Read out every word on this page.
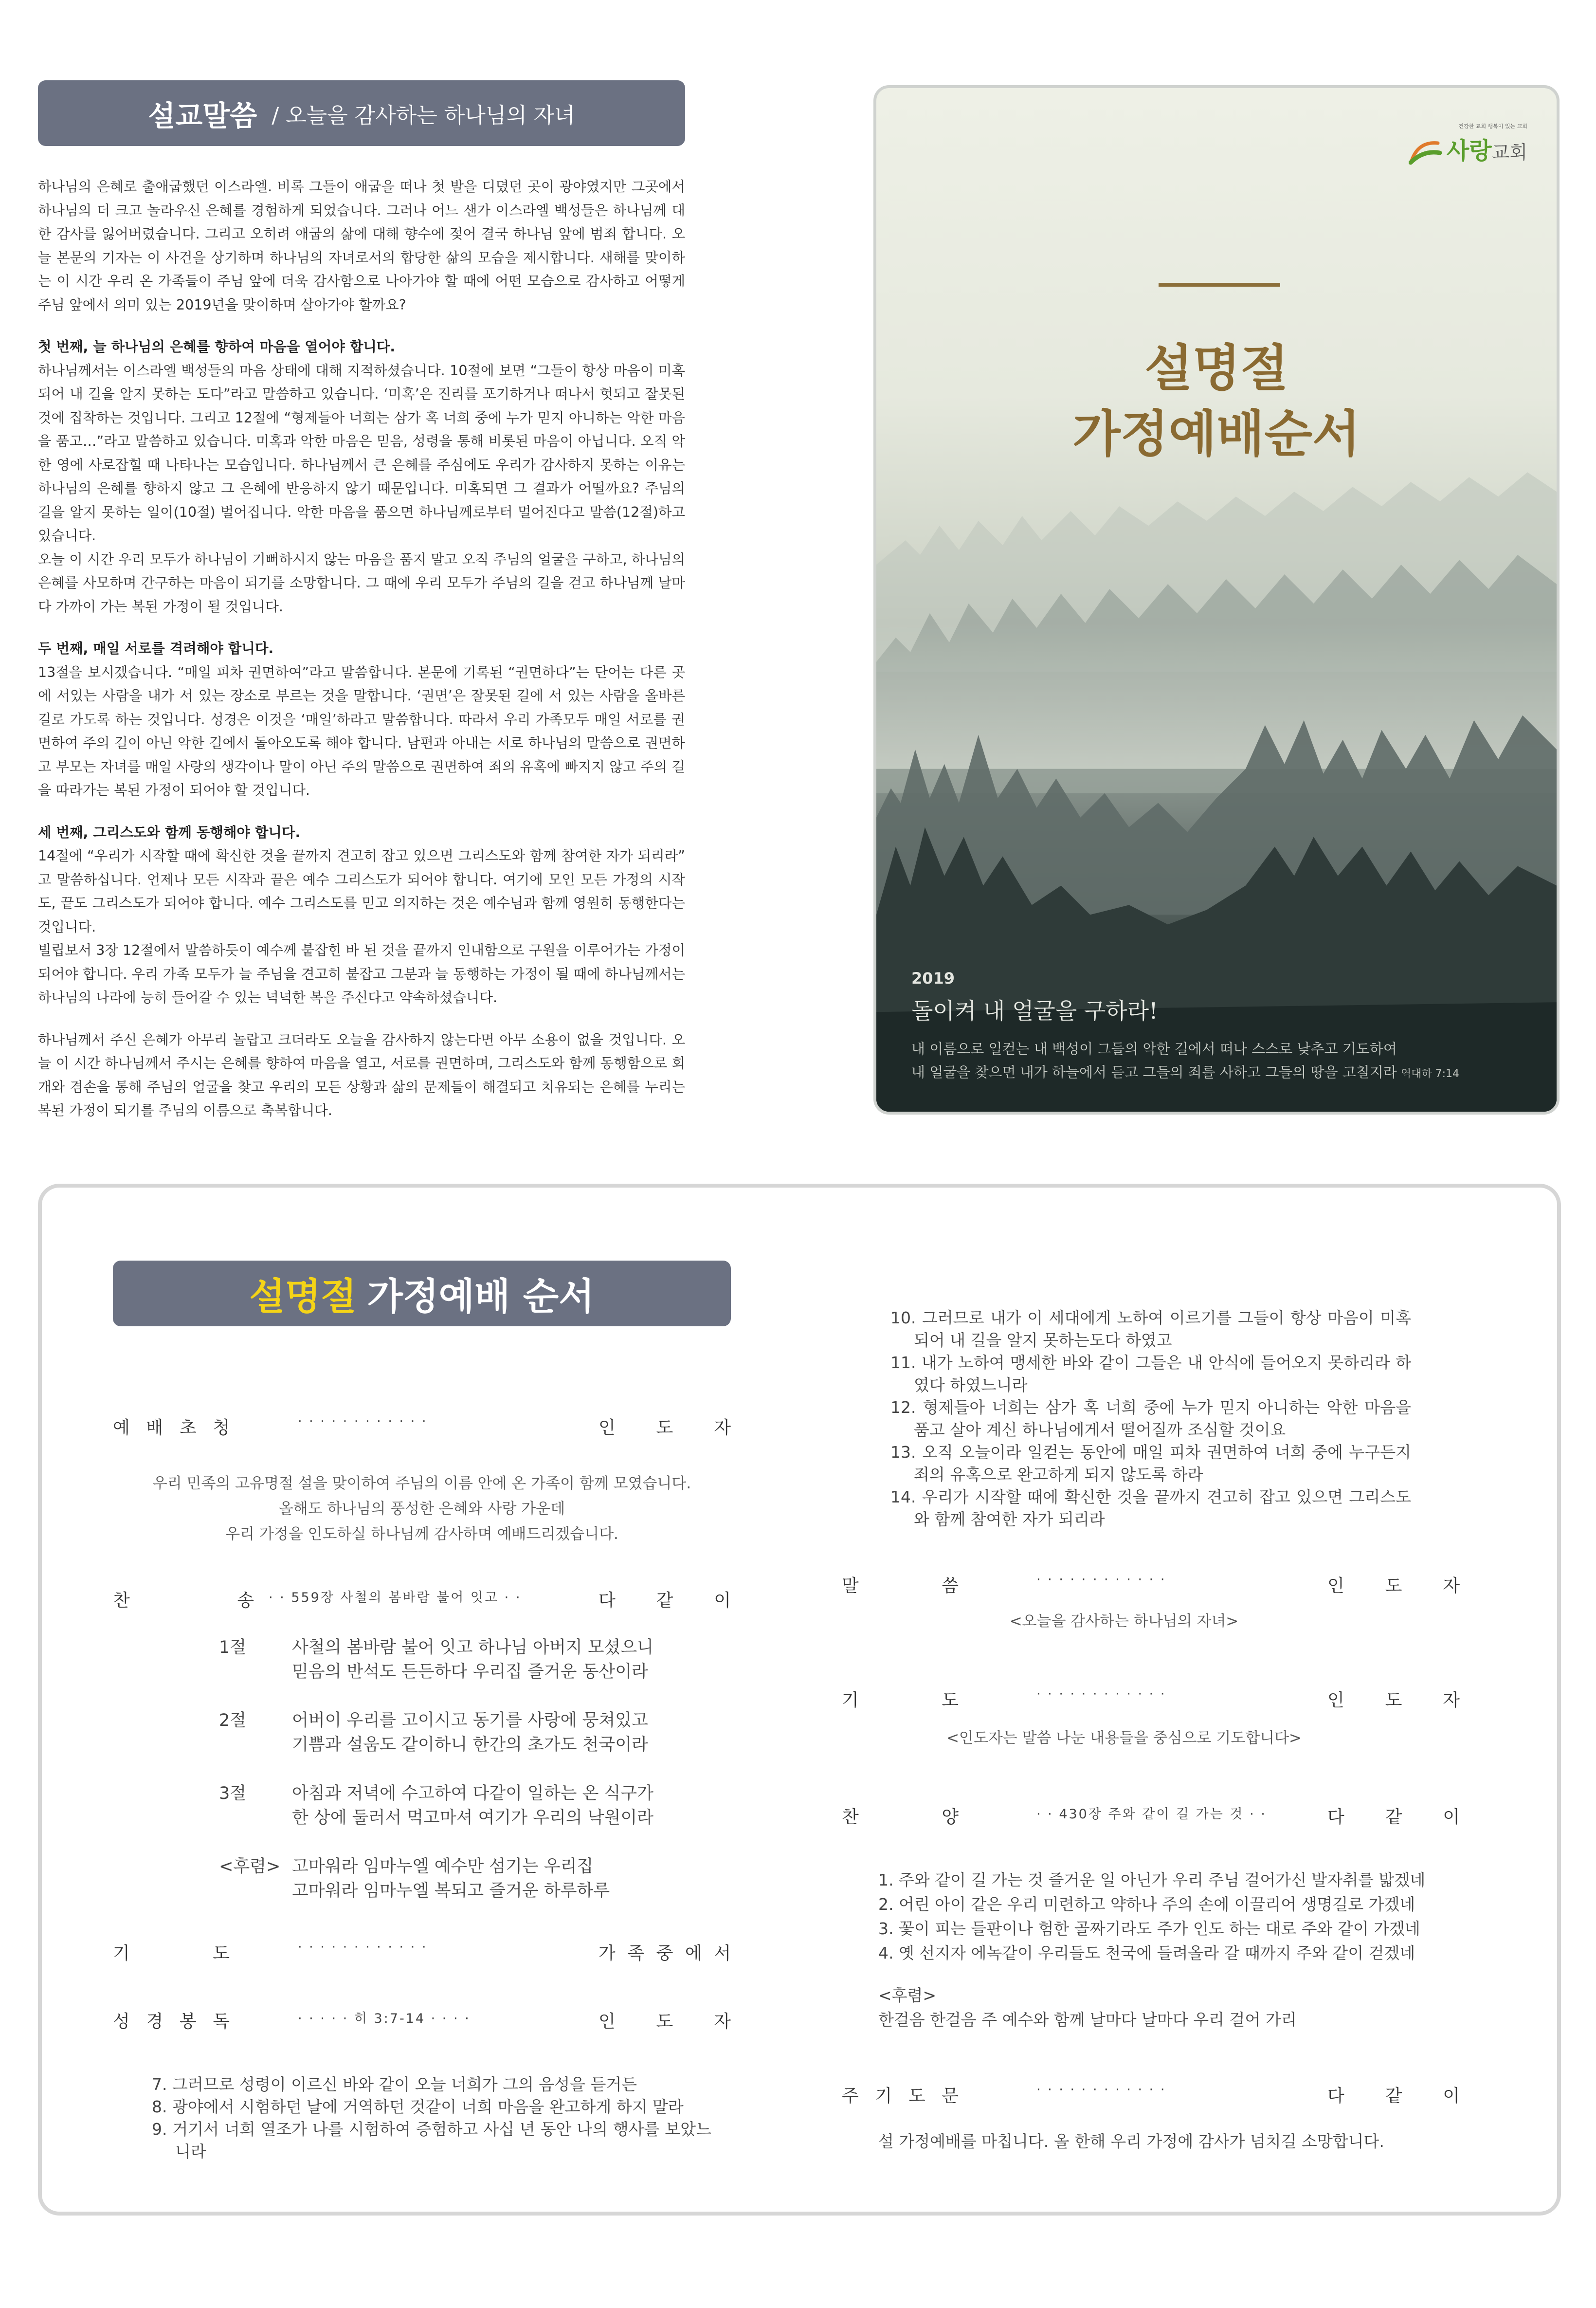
설교말씀 / 오늘을 감사하는 하나님의 자녀

하나님의 은혜로 출애굽했던 이스라엘. 비록 그들이 애굽을 떠나 첫 발을 디뎠던 곳이 광야였지만 그곳에서 하나님의 더 크고 놀라우신 은혜를 경험하게 되었습니다. 그러나 어느 샌가 이스라엘 백성들은 하나님께 대한 감사를 잃어버렸습니다. 그리고 오히려 애굽의 삶에 대해 향수에 젖어 결국 하나님 앞에 범죄 합니다. 오늘 본문의 기자는 이 사건을 상기하며 하나님의 자녀로서의 합당한 삶의 모습을 제시합니다. 새해를 맞이하는 이 시간 우리 온 가족들이 주님 앞에 더욱 감사함으로 나아가야 할 때에 어떤 모습으로 감사하고 어떻게 주님 앞에서 의미 있는 2019년을 맞이하며 살아가야 할까요?

첫 번째, 늘 하나님의 은혜를 향하여 마음을 열어야 합니다.

하나님께서는 이스라엘 백성들의 마음 상태에 대해 지적하셨습니다. 10절에 보면 “그들이 항상 마음이 미혹되어 내 길을 알지 못하는 도다”라고 말씀하고 있습니다. ‘미혹’은 진리를 포기하거나 떠나서 헛되고 잘못된 것에 집착하는 것입니다. 그리고 12절에 “형제들아 너희는 삼가 혹 너희 중에 누가 믿지 아니하는 악한 마음을 품고…”라고 말씀하고 있습니다. 미혹과 악한 마음은 믿음, 성령을 통해 비롯된 마음이 아닙니다. 오직 악한 영에 사로잡힐 때 나타나는 모습입니다. 하나님께서 큰 은혜를 주심에도 우리가 감사하지 못하는 이유는 하나님의 은혜를 향하지 않고 그 은혜에 반응하지 않기 때문입니다. 미혹되면 그 결과가 어떨까요? 주님의 길을 알지 못하는 일이(10절) 벌어집니다. 악한 마음을 품으면 하나님께로부터 멀어진다고 말씀(12절)하고 있습니다.

오늘 이 시간 우리 모두가 하나님이 기뻐하시지 않는 마음을 품지 말고 오직 주님의 얼굴을 구하고, 하나님의 은혜를 사모하며 간구하는 마음이 되기를 소망합니다. 그 때에 우리 모두가 주님의 길을 걷고 하나님께 날마다 가까이 가는 복된 가정이 될 것입니다.

두 번째, 매일 서로를 격려해야 합니다.

13절을 보시겠습니다. “매일 피차 권면하여”라고 말씀합니다. 본문에 기록된 “권면하다”는 단어는 다른 곳에 서있는 사람을 내가 서 있는 장소로 부르는 것을 말합니다. ‘권면’은 잘못된 길에 서 있는 사람을 올바른 길로 가도록 하는 것입니다. 성경은 이것을 ‘매일’하라고 말씀합니다. 따라서 우리 가족모두 매일 서로를 권면하여 주의 길이 아닌 악한 길에서 돌아오도록 해야 합니다. 남편과 아내는 서로 하나님의 말씀으로 권면하고 부모는 자녀를 매일 사랑의 생각이나 말이 아닌 주의 말씀으로 권면하여 죄의 유혹에 빠지지 않고 주의 길을 따라가는 복된 가정이 되어야 할 것입니다.

세 번째, 그리스도와 함께 동행해야 합니다.

14절에 “우리가 시작할 때에 확신한 것을 끝까지 견고히 잡고 있으면 그리스도와 함께 참여한 자가 되리라” 고 말씀하십니다. 언제나 모든 시작과 끝은 예수 그리스도가 되어야 합니다. 여기에 모인 모든 가정의 시작도, 끝도 그리스도가 되어야 합니다. 예수 그리스도를 믿고 의지하는 것은 예수님과 함께 영원히 동행한다는 것입니다.

빌립보서 3장 12절에서 말씀하듯이 예수께 붙잡힌 바 된 것을 끝까지 인내함으로 구원을 이루어가는 가정이 되어야 합니다. 우리 가족 모두가 늘 주님을 견고히 붙잡고 그분과 늘 동행하는 가정이 될 때에 하나님께서는 하나님의 나라에 능히 들어갈 수 있는 넉넉한 복을 주신다고 약속하셨습니다.

하나님께서 주신 은혜가 아무리 놀랍고 크더라도 오늘을 감사하지 않는다면 아무 소용이 없을 것입니다. 오늘 이 시간 하나님께서 주시는 은혜를 향하여 마음을 열고, 서로를 권면하며, 그리스도와 함께 동행함으로 회개와 겸손을 통해 주님의 얼굴을 찾고 우리의 모든 상황과 삶의 문제들이 해결되고 치유되는 은혜를 누리는 복된 가정이 되기를 주님의 이름으로 축복합니다.

건강한 교회 행복이 있는 교회
사랑교회
설명절
가정예배순서
2019
돌이켜 내 얼굴을 구하라!
내 이름으로 일컫는 내 백성이 그들의 악한 길에서 떠나 스스로 낮추고 기도하여
내 얼굴을 찾으면 내가 하늘에서 듣고 그들의 죄를 사하고 그들의 땅을 고칠지라 역대하 7:14
설명절 가정예배 순서
예 배 초 청	· · · · · · · · · · · ·	인 도 자
우리 민족의 고유명절 설을 맞이하여 주님의 이름 안에 온 가족이 함께 모였습니다.
올해도 하나님의 풍성한 은혜와 사랑 가운데
우리 가정을 인도하실 하나님께 감사하며 예배드리겠습니다.
찬	송 · · 559장 사철의 봄바람 불어 잇고 · ·	다 같 이
1절	사철의 봄바람 불어 잇고 하나님 아버지 모셨으니
믿음의 반석도 든든하다 우리집 즐거운 동산이라
2절	어버이 우리를 고이시고 동기를 사랑에 뭉쳐있고
기쁨과 설움도 같이하니 한간의 초가도 천국이라
3절	아침과 저녁에 수고하여 다같이 일하는 온 식구가
한 상에 둘러서 먹고마셔 여기가 우리의 낙원이라
<후렴> 고마워라 임마누엘 예수만 섬기는 우리집
고마워라 임마누엘 복되고 즐거운 하루하루
기	도	· · · · · · · · · · · ·	가 족 중 에 서
성 경 봉 독	· · · · · 히 3:7-14 · · · ·	인 도 자
7. 그러므로 성령이 이르신 바와 같이 오늘 너희가 그의 음성을 듣거든
8. 광야에서 시험하던 날에 거역하던 것같이 너희 마음을 완고하게 하지 말라
9. 거기서 너희 열조가 나를 시험하여 증험하고 사십 년 동안 나의 행사를 보았느니라
10. 그러므로 내가 이 세대에게 노하여 이르기를 그들이 항상 마음이 미혹되어 내 길을 알지 못하는도다 하였고
11. 내가 노하여 맹세한 바와 같이 그들은 내 안식에 들어오지 못하리라 하였다 하였느니라
12. 형제들아 너희는 삼가 혹 너희 중에 누가 믿지 아니하는 악한 마음을 품고 살아 계신 하나님에게서 떨어질까 조심할 것이요
13. 오직 오늘이라 일컫는 동안에 매일 피차 권면하여 너희 중에 누구든지 죄의 유혹으로 완고하게 되지 않도록 하라
14. 우리가 시작할 때에 확신한 것을 끝까지 견고히 잡고 있으면 그리스도와 함께 참여한 자가 되리라
말	씀	· · · · · · · · · · · ·	인 도 자
<오늘을 감사하는 하나님의 자녀>
기	도	· · · · · · · · · · · ·	인 도 자
<인도자는 말씀 나눈 내용들을 중심으로 기도합니다>
찬	양	· · 430장 주와 같이 길 가는 것 · ·	다 같 이
1. 주와 같이 길 가는 것 즐거운 일 아닌가 우리 주님 걸어가신 발자취를 밟겠네
2. 어린 아이 같은 우리 미련하고 약하나 주의 손에 이끌리어 생명길로 가겠네
3. 꽃이 피는 들판이나 험한 골짜기라도 주가 인도 하는 대로 주와 같이 가겠네
4. 옛 선지자 에녹같이 우리들도 천국에 들려올라 갈 때까지 주와 같이 걷겠네
<후렴>
한걸음 한걸음 주 예수와 함께 날마다 날마다 우리 걸어 가리
주 기 도 문	· · · · · · · · · · · ·	다 같 이
설 가정예배를 마칩니다. 올 한해 우리 가정에 감사가 넘치길 소망합니다.
